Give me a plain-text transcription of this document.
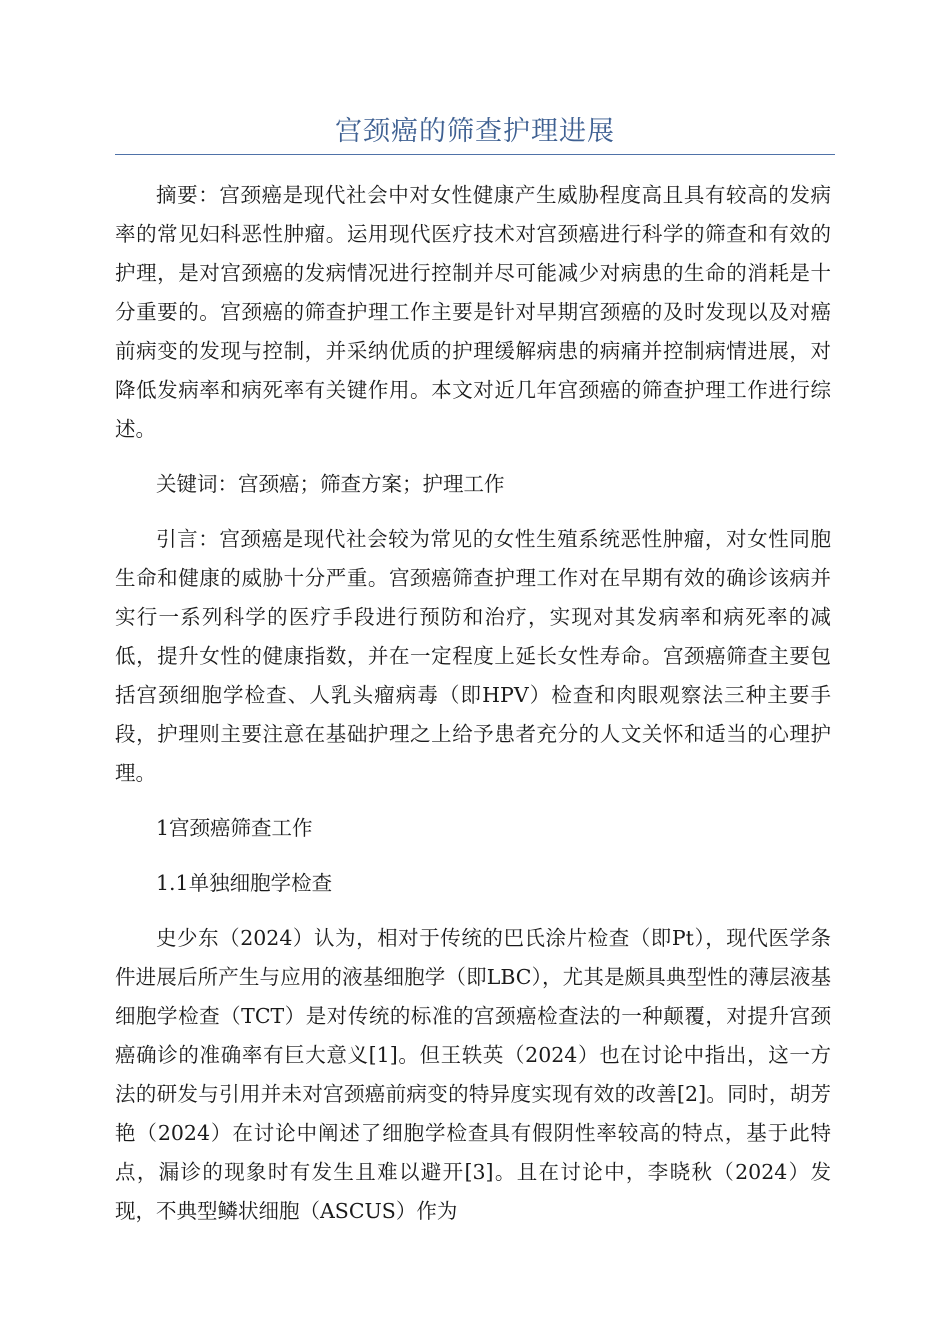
宫颈癌的筛查护理进展

摘要：宫颈癌是现代社会中对女性健康产生威胁程度高且具有较高的发病率的常见妇科恶性肿瘤。运用现代医疗技术对宫颈癌进行科学的筛查和有效的护理，是对宫颈癌的发病情况进行控制并尽可能减少对病患的生命的消耗是十分重要的。宫颈癌的筛查护理工作主要是针对早期宫颈癌的及时发现以及对癌前病变的发现与控制，并采纳优质的护理缓解病患的病痛并控制病情进展，对降低发病率和病死率有关键作用。本文对近几年宫颈癌的筛查护理工作进行综述。

关键词：宫颈癌；筛查方案；护理工作

引言：宫颈癌是现代社会较为常见的女性生殖系统恶性肿瘤，对女性同胞生命和健康的威胁十分严重。宫颈癌筛查护理工作对在早期有效的确诊该病并实行一系列科学的医疗手段进行预防和治疗，实现对其发病率和病死率的减低，提升女性的健康指数，并在一定程度上延长女性寿命。宫颈癌筛查主要包括宫颈细胞学检查、人乳头瘤病毒（即HPV）检查和肉眼观察法三种主要手段，护理则主要注意在基础护理之上给予患者充分的人文关怀和适当的心理护理。

1宫颈癌筛查工作

1.1单独细胞学检查

史少东（2024）认为，相对于传统的巴氏涂片检查（即Pt），现代医学条件进展后所产生与应用的液基细胞学（即LBC），尤其是颇具典型性的薄层液基细胞学检查（TCT）是对传统的标准的宫颈癌检查法的一种颠覆，对提升宫颈癌确诊的准确率有巨大意义[1]。但王轶英（2024）也在讨论中指出，这一方法的研发与引用并未对宫颈癌前病变的特异度实现有效的改善[2]。同时，胡芳艳（2024）在讨论中阐述了细胞学检查具有假阴性率较高的特点，基于此特点，漏诊的现象时有发生且难以避开[3]。且在讨论中，李晓秋（2024）发现，不典型鳞状细胞（ASCUS）作为
